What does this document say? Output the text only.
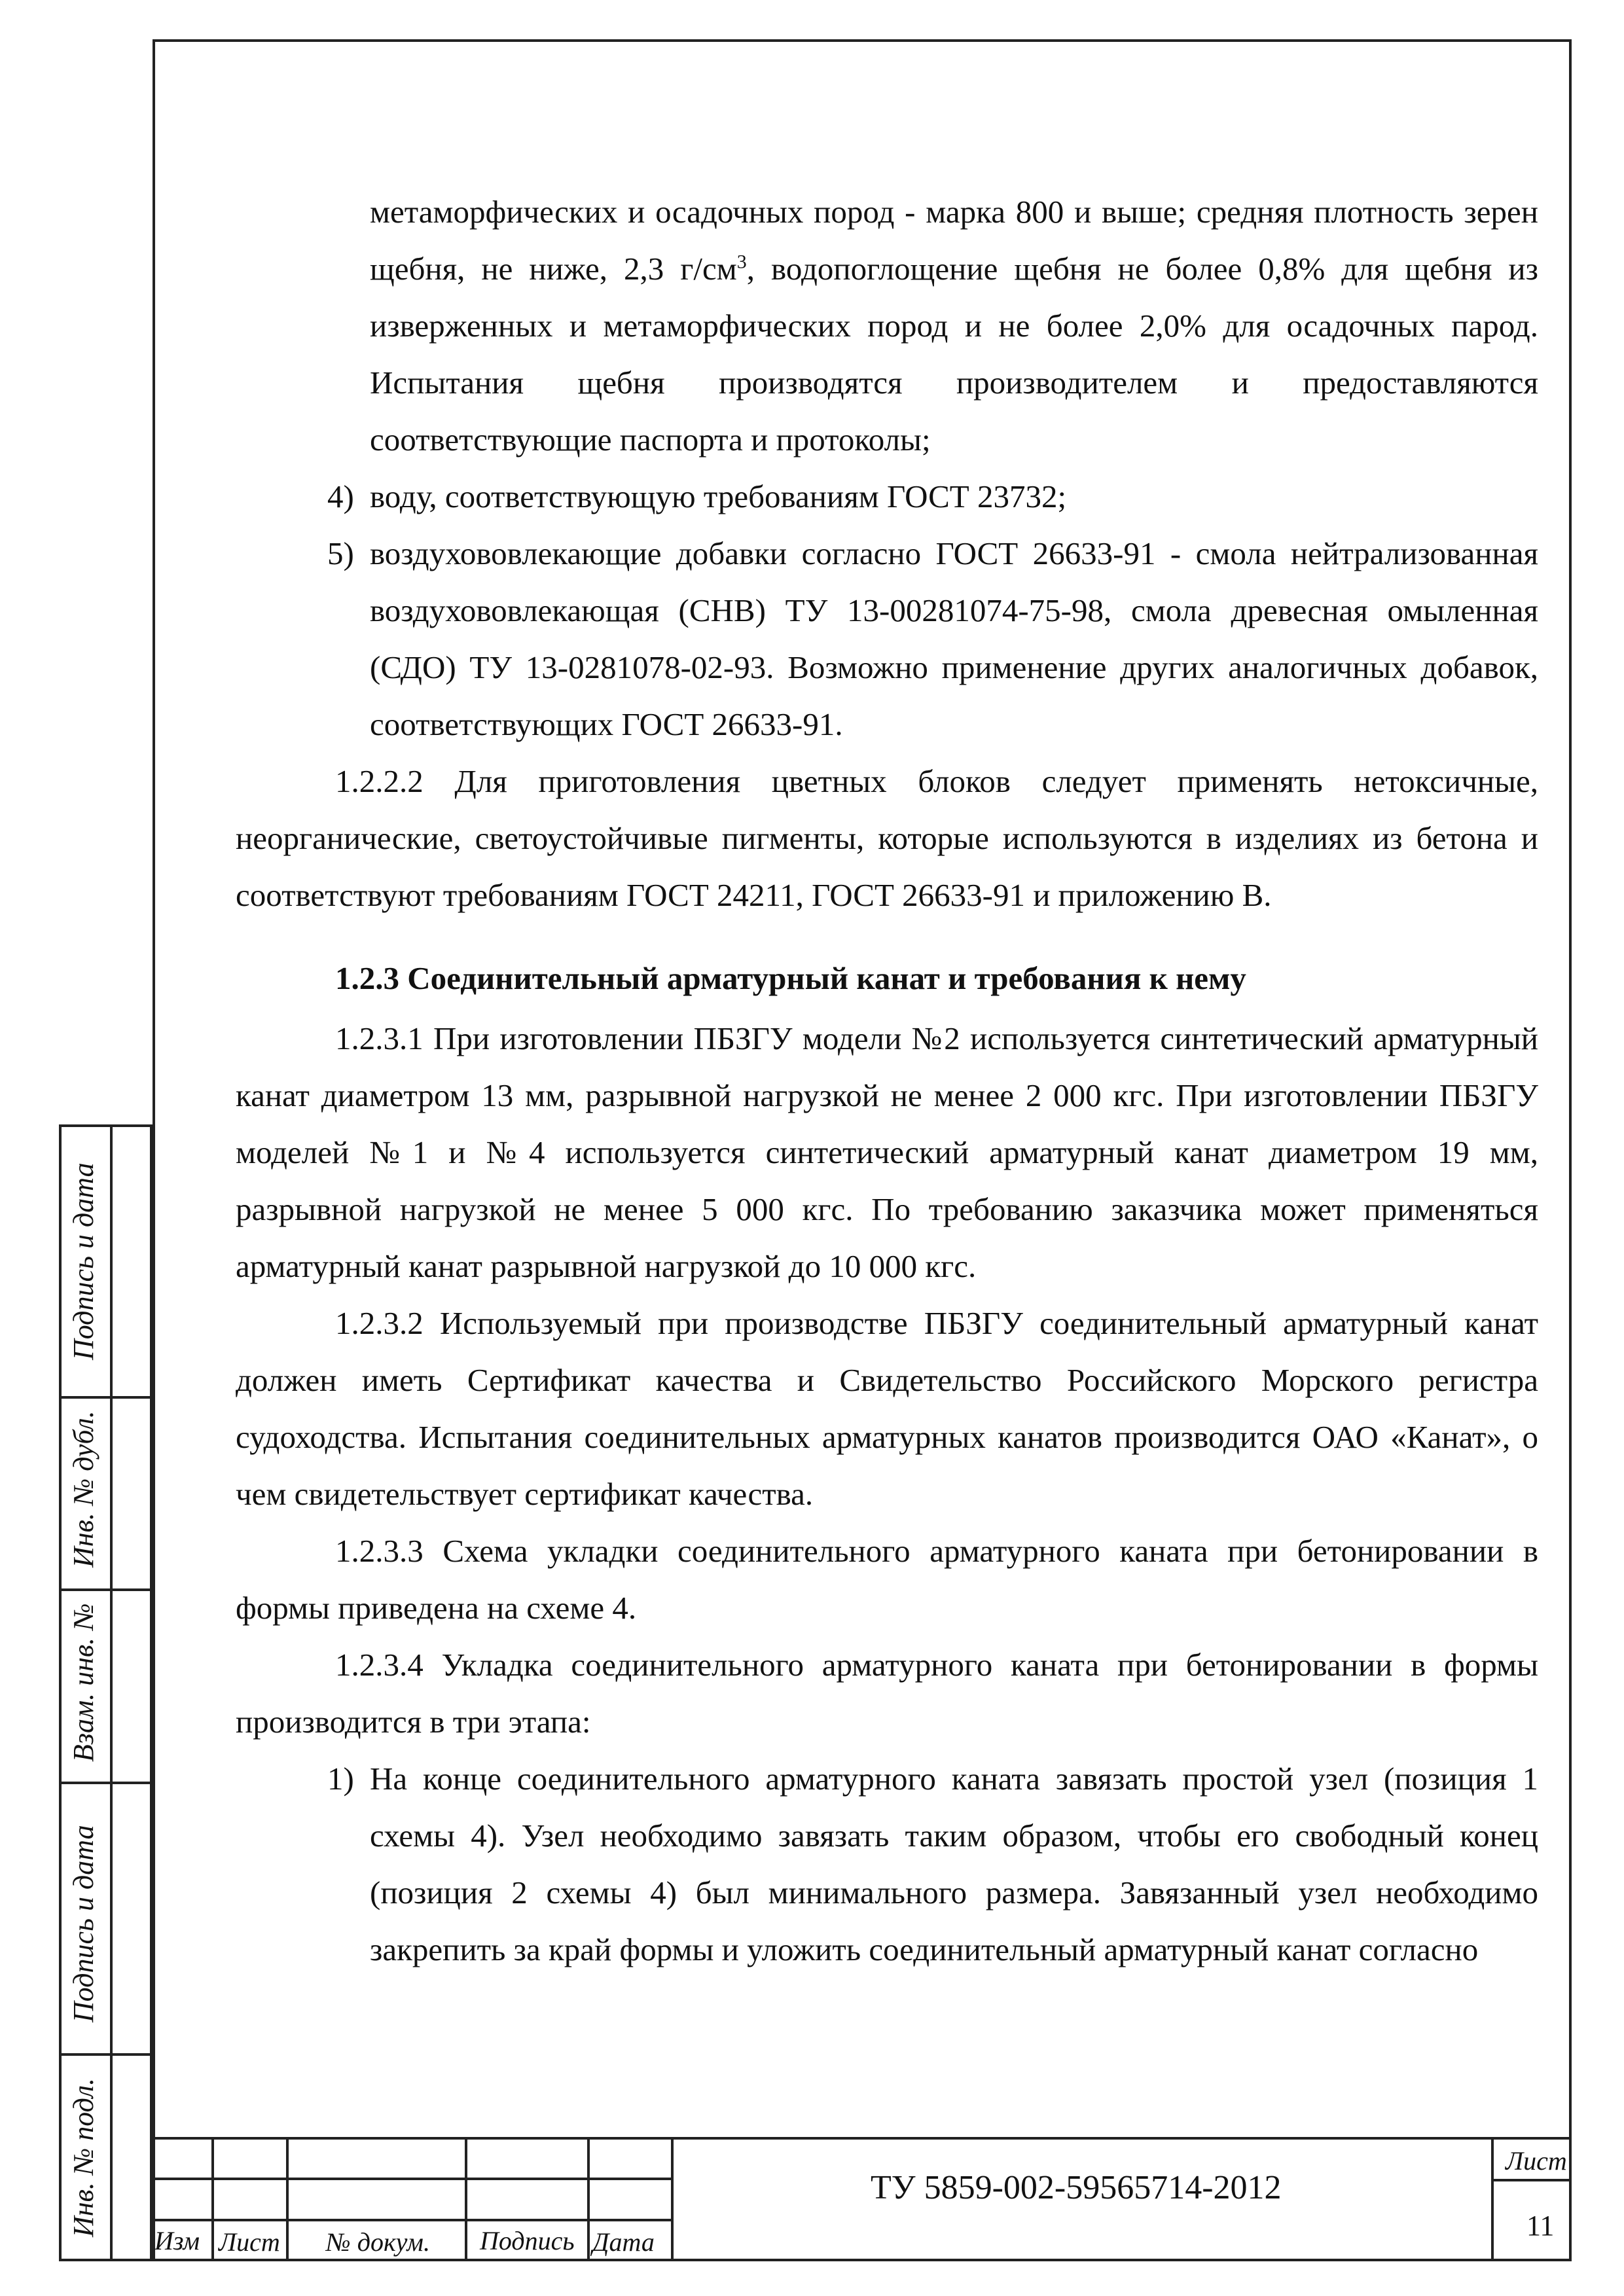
метаморфических и осадочных пород - марка 800 и выше; средняя плотность зерен щебня, не ниже, 2,3 $г/см^3$, водопоглощение щебня не более 0,8% для щебня из изверженных и метаморфических пород и не более 2,0% для осадочных парод. Испытания щебня производятся производителем и предоставляются соответствующие паспорта и протоколы;

4) воду, соответствующую требованиям ГОСТ 23732;

5) воздухововлекающие добавки согласно ГОСТ 26633-91 - смола нейтрализованная воздухововлекающая (СНВ) ТУ 13-00281074-75-98, смола древесная омыленная (СДО) ТУ 13-0281078-02-93. Возможно применение других аналогичных добавок, соответствующих ГОСТ 26633-91.

1.2.2.2 Для приготовления цветных блоков следует применять нетоксичные, неорганические, светоустойчивые пигменты, которые используются в изделиях из бетона и соответствуют требованиям ГОСТ 24211, ГОСТ 26633-91 и приложению В.

1.2.3 Соединительный арматурный канат и требования к нему

1.2.3.1 При изготовлении ПБЗГУ модели №2 используется синтетический арматурный канат диаметром 13 мм, разрывной нагрузкой не менее 2 000 кгс. При изготовлении ПБЗГУ моделей №1 и №4 используется синтетический арматурный канат диаметром 19 мм, разрывной нагрузкой не менее 5 000 кгс. По требованию заказчика может применяться арматурный канат разрывной нагрузкой до 10 000 кгс.

1.2.3.2 Используемый при производстве ПБЗГУ соединительный арматурный канат должен иметь Сертификат качества и Свидетельство Российского Морского регистра судоходства. Испытания соединительных арматурных канатов производится ОАО «Канат», о чем свидетельствует сертификат качества.

1.2.3.3 Схема укладки соединительного арматурного каната при бетонировании в формы приведена на схеме 4.

1.2.3.4 Укладка соединительного арматурного каната при бетонировании в формы производится в три этапа:

1) На конце соединительного арматурного каната завязать простой узел (позиция 1 схемы 4). Узел необходимо завязать таким образом, чтобы его свободный конец (позиция 2 схемы 4) был минимального размера. Завязанный узел необходимо закрепить за край формы и уложить соединительный арматурный канат согласно

Подпись и дата
Инв. № дубл.
Взам. инв. №
Подпись и дата
Инв. № подл.
Изм Лист № докум. Подпись Дата
ТУ 5859-002-59565714-2012
Лист
11
